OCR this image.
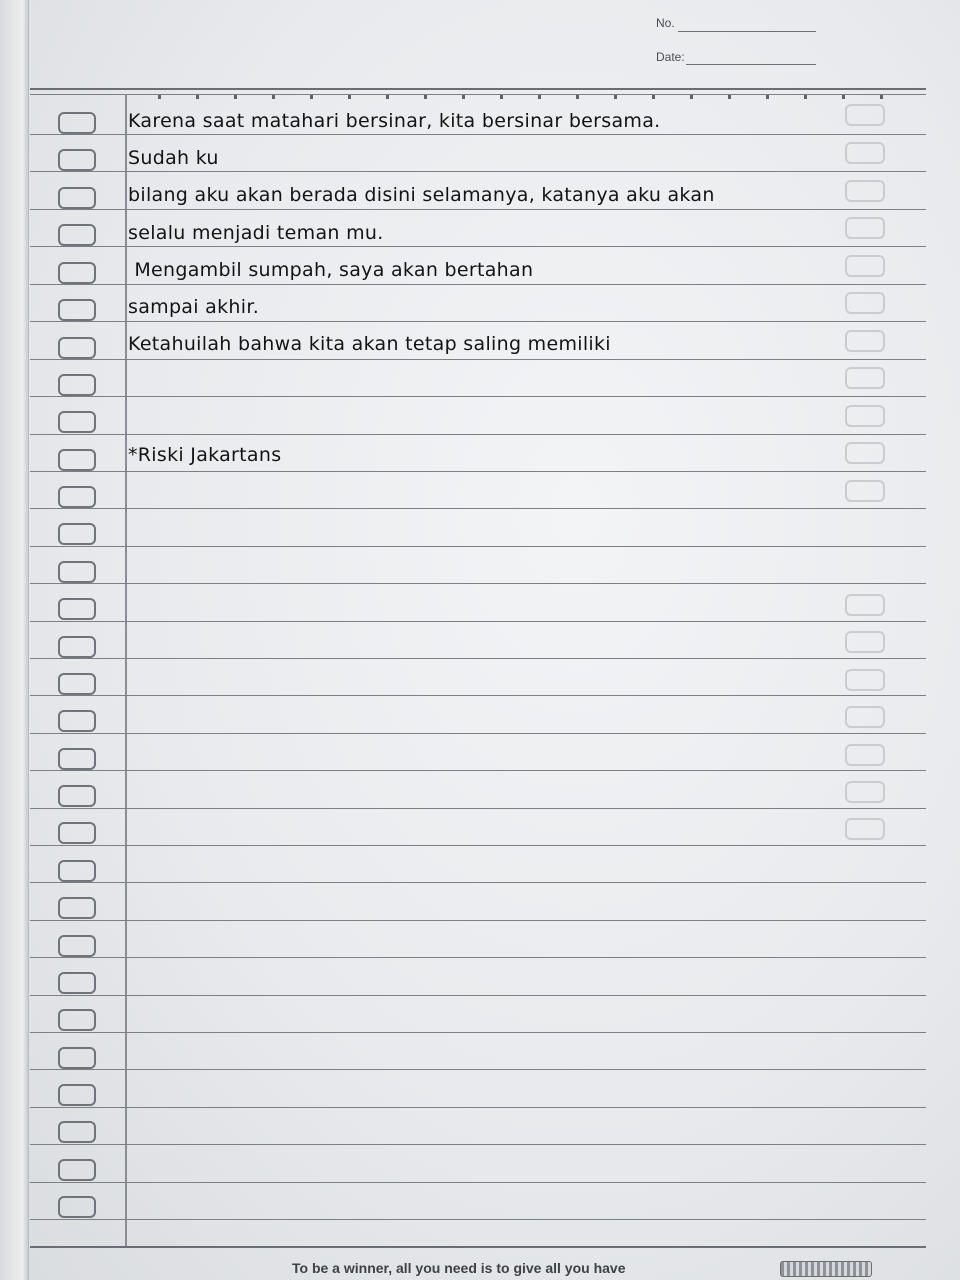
No.
Date:
Karena saat matahari bersinar, kita bersinar bersama.
Sudah ku
bilang aku akan berada disini selamanya, katanya aku akan
selalu menjadi teman mu.
Mengambil sumpah, saya akan bertahan
sampai akhir.
Ketahuilah bahwa kita akan tetap saling memiliki
*Riski Jakartans
To be a winner, all you need is to give all you have
